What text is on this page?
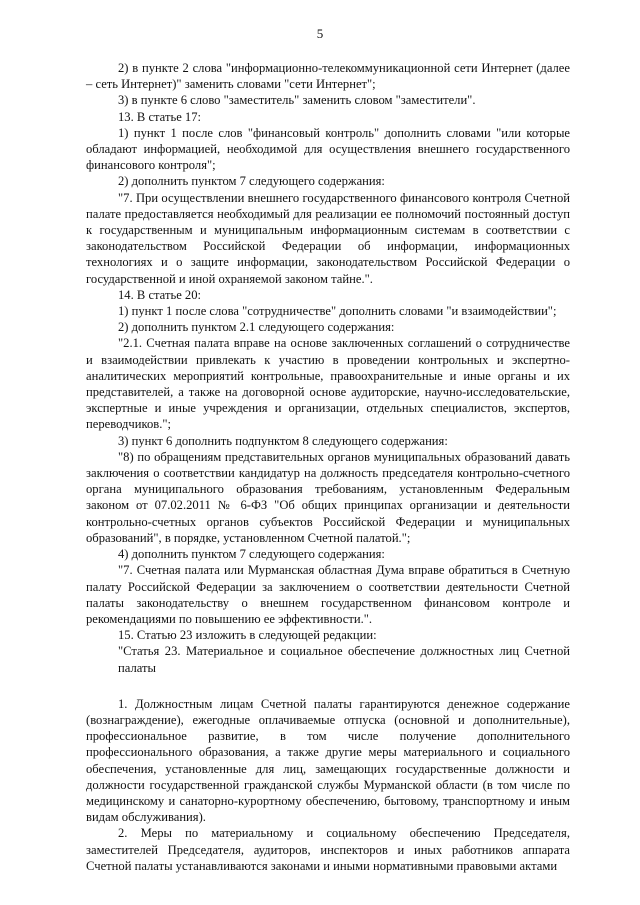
5

2) в пункте 2 слова "информационно-телекоммуникационной сети Интернет (далее – сеть Интернет)" заменить словами "сети Интернет";

3) в пункте 6 слово "заместитель" заменить словом "заместители".

13. В статье 17:

1) пункт 1 после слов "финансовый контроль" дополнить словами "или которые обладают информацией, необходимой для осуществления внешнего государственного финансового контроля";

2) дополнить пунктом 7 следующего содержания:

"7. При осуществлении внешнего государственного финансового контроля Счетной палате предоставляется необходимый для реализации ее полномочий постоянный доступ к государственным и муниципальным информационным системам в соответствии с законодательством Российской Федерации об информации, информационных технологиях и о защите информации, законодательством Российской Федерации о государственной и иной охраняемой законом тайне.".

14. В статье 20:

1) пункт 1 после слова "сотрудничестве" дополнить словами "и взаимодействии";

2) дополнить пунктом 2.1 следующего содержания:

"2.1. Счетная палата вправе на основе заключенных соглашений о сотрудничестве и взаимодействии привлекать к участию в проведении контрольных и экспертно-аналитических мероприятий контрольные, правоохранительные и иные органы и их представителей, а также на договорной основе аудиторские, научно-исследовательские, экспертные и иные учреждения и организации, отдельных специалистов, экспертов, переводчиков.";

3) пункт 6 дополнить подпунктом 8 следующего содержания:

"8) по обращениям представительных органов муниципальных образований давать заключения о соответствии кандидатур на должность председателя контрольно-счетного органа муниципального образования требованиям, установленным Федеральным законом от 07.02.2011 № 6-ФЗ "Об общих принципах организации и деятельности контрольно-счетных органов субъектов Российской Федерации и муниципальных образований", в порядке, установленном Счетной палатой.";

4) дополнить пунктом 7 следующего содержания:

"7. Счетная палата или Мурманская областная Дума вправе обратиться в Счетную палату Российской Федерации за заключением о соответствии деятельности Счетной палаты законодательству о внешнем государственном финансовом контроле и рекомендациями по повышению ее эффективности.".

15. Статью 23 изложить в следующей редакции:

"Статья 23. Материальное и социальное обеспечение должностных лиц Счетной палаты

1. Должностным лицам Счетной палаты гарантируются денежное содержание (вознаграждение), ежегодные оплачиваемые отпуска (основной и дополнительные), профессиональное развитие, в том числе получение дополнительного профессионального образования, а также другие меры материального и социального обеспечения, установленные для лиц, замещающих государственные должности и должности государственной гражданской службы Мурманской области (в том числе по медицинскому и санаторно-курортному обеспечению, бытовому, транспортному и иным видам обслуживания).

2. Меры по материальному и социальному обеспечению Председателя, заместителей Председателя, аудиторов, инспекторов и иных работников аппарата Счетной палаты устанавливаются законами и иными нормативными правовыми актами
